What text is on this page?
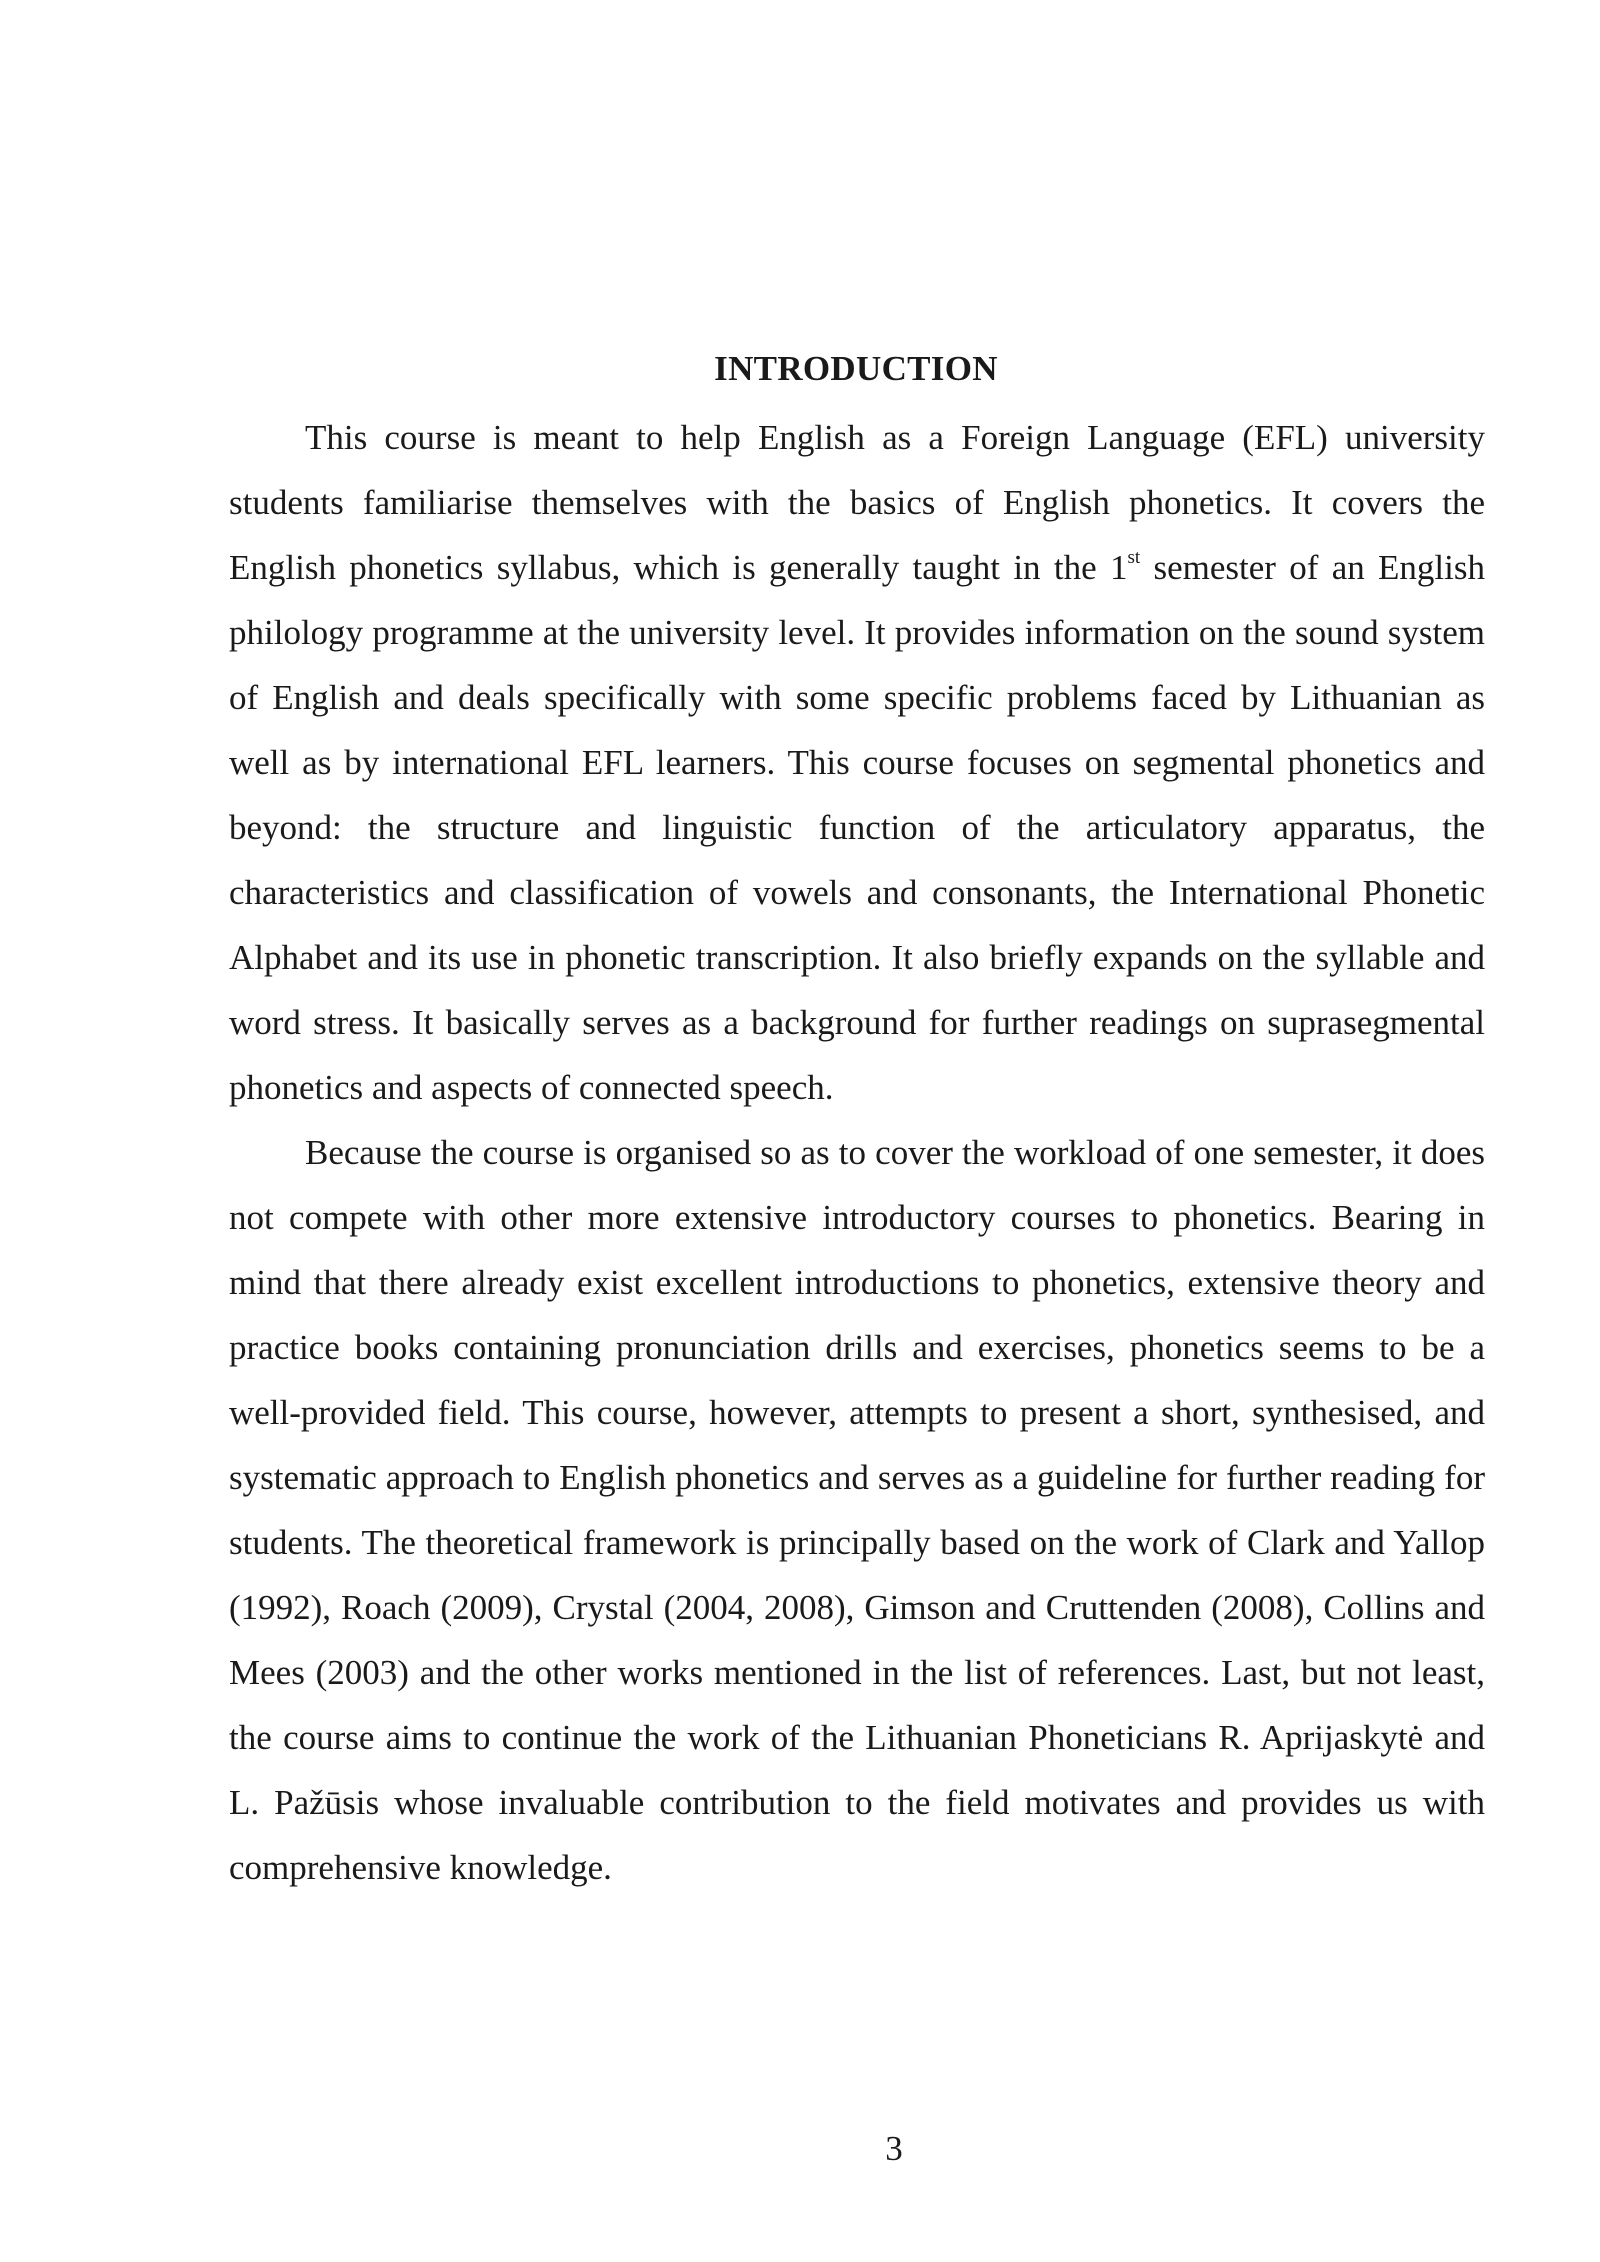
INTRODUCTION

This course is meant to help English as a Foreign Language (EFL) university students familiarise themselves with the basics of English phonetics. It covers the English phonetics syllabus, which is generally taught in the 1st semester of an English philology programme at the university level. It provides information on the sound system of English and deals specifically with some specific problems faced by Lithuanian as well as by international EFL learners. This course focuses on segmental phonetics and beyond: the structure and linguistic function of the articulatory apparatus, the characteristics and classification of vowels and consonants, the International Phonetic Alphabet and its use in phonetic transcription. It also briefly expands on the syllable and word stress. It basically serves as a background for further readings on suprasegmental phonetics and aspects of connected speech.

Because the course is organised so as to cover the workload of one semester, it does not compete with other more extensive introductory courses to phonetics. Bearing in mind that there already exist excellent introductions to phonetics, extensive theory and practice books containing pronunciation drills and exercises, phonetics seems to be a well-provided field. This course, however, attempts to present a short, synthesised, and systematic approach to English phonetics and serves as a guideline for further reading for students. The theoretical framework is principally based on the work of Clark and Yallop (1992), Roach (2009), Crystal (2004, 2008), Gimson and Cruttenden (2008), Collins and Mees (2003) and the other works mentioned in the list of references. Last, but not least, the course aims to continue the work of the Lithuanian Phoneticians R. Aprijaskytė and L. Pažūsis whose invaluable contribution to the field motivates and provides us with comprehensive knowledge.

3
